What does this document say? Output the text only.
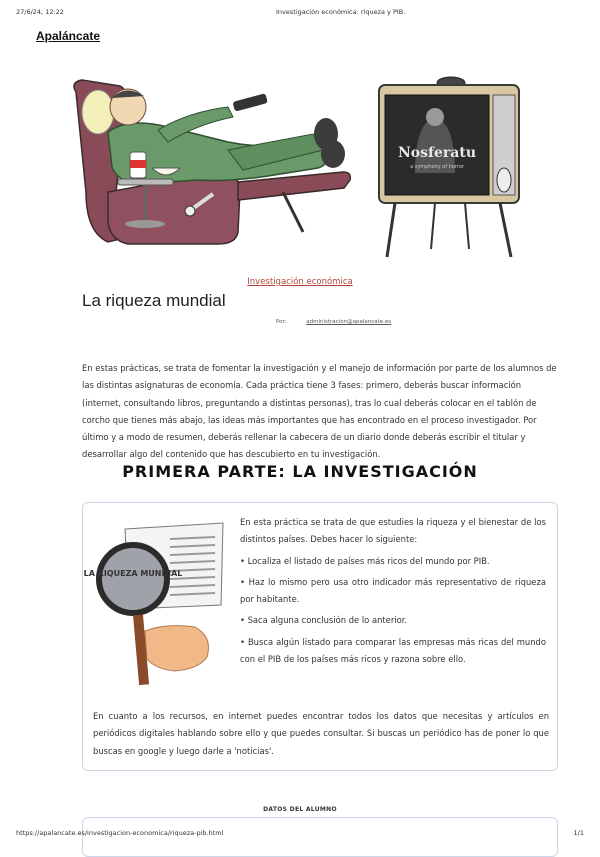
27/6/24, 12:22	Investigación económica: riqueza y PIB.
Apaláncate
Nosferatu
a symphony of horror
Investigación económica
La riqueza mundial
Por:	administracion@apalancate.es

En estas prácticas, se trata de fomentar la investigación y el manejo de información por parte de los alumnos de las distintas asignaturas de economía. Cada práctica tiene 3 fases: primero, deberás buscar información (internet, consultando libros, preguntando a distintas personas), tras lo cual deberás colocar en el tablón de corcho que tienes más abajo, las ideas más importantes que has encontrado en el proceso investigador. Por último y a modo de resumen, deberás rellenar la cabecera de un diario donde deberás escribir el titular y desarrollar algo del contenido que has descubierto en tu investigación.

PRIMERA PARTE: LA INVESTIGACIÓN
LA RIQUEZA MUNDIAL

En esta práctica se trata de que estudies la riqueza y el bienestar de los distintos países. Debes hacer lo siguiente:

• Localiza el listado de países más ricos del mundo por PIB.

• Haz lo mismo pero usa otro indicador más representativo de riqueza por habitante.

• Saca alguna conclusión de lo anterior.

• Busca algún listado para comparar las empresas más ricas del mundo con el PIB de los países más ricos y razona sobre ello.

En cuanto a los recursos, en internet puedes encontrar todos los datos que necesitas y artículos en periódicos digitales hablando sobre ello y que puedes consultar. Si buscas un periódico has de poner lo que buscas en google y luego darle a 'noticias'.

DATOS DEL ALUMNO
https://apalancate.es/investigacion-economica/riqueza-pib.html	1/1
